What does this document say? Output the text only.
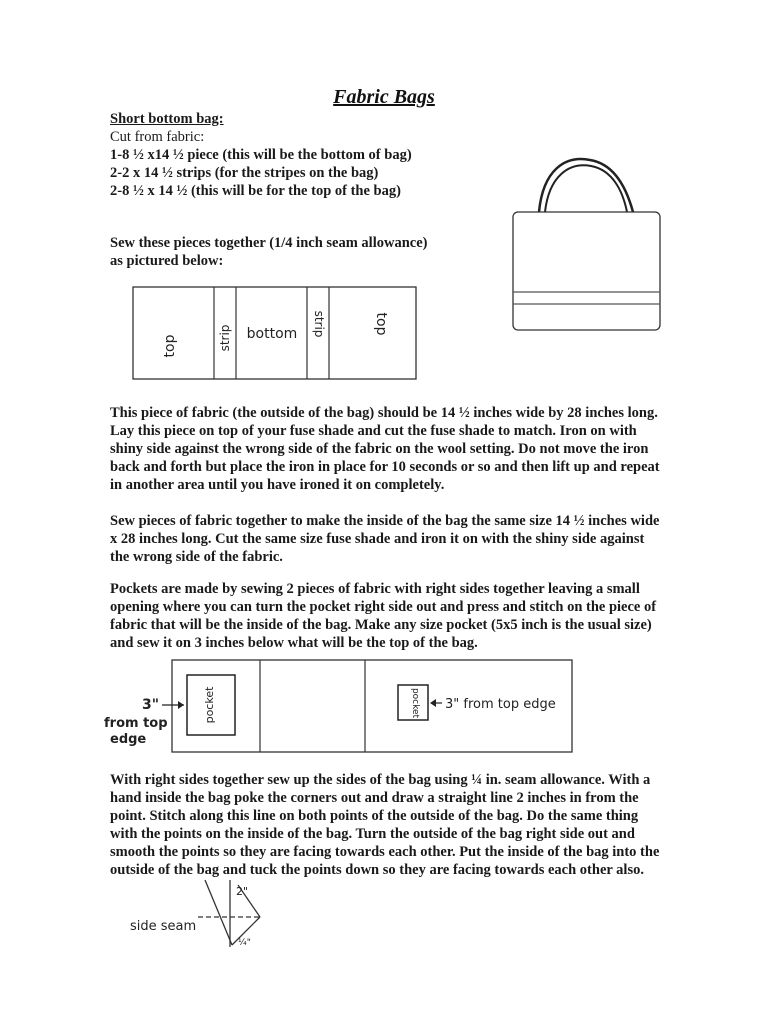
Fabric Bags
Short bottom bag:
Cut from fabric:
1-8 ½ x14 ½ piece (this will be the bottom of bag)
2-2 x 14 ½ strips (for the stripes on the bag)
2-8 ½ x 14 ½ (this will be for the top of the bag)
Sew these pieces together (1/4 inch seam allowance)
as pictured below:
top	strip bottom strip	top

This piece of fabric (the outside of the bag) should be 14 ½ inches wide by 28 inches long. Lay this piece on top of your fuse shade and cut the fuse shade to match. Iron on with shiny side against the wrong side of the fabric on the wool setting. Do not move the iron back and forth but place the iron in place for 10 seconds or so and then lift up and repeat in another area until you have ironed it on completely.

Sew pieces of fabric together to make the inside of the bag the same size 14 ½ inches wide x 28 inches long. Cut the same size fuse shade and iron it on with the shiny side against the wrong side of the fabric.

Pockets are made by sewing 2 pieces of fabric with right sides together leaving a small opening where you can turn the pocket right side out and press and stitch on the piece of fabric that will be the inside of the bag. Make any size pocket (5x5 inch is the usual size) and sew it on 3 inches below what will be the top of the bag.

pocket	pocket
3"
from top
edge
3" from top edge

With right sides together sew up the sides of the bag using ¼ in. seam allowance. With a hand inside the bag poke the corners out and draw a straight line 2 inches in from the point. Stitch along this line on both points of the outside of the bag. Do the same thing with the points on the inside of the bag. Turn the outside of the bag right side out and smooth the points so they are facing towards each other. Put the inside of the bag into the outside of the bag and tuck the points down so they are facing towards each other also.

side seam
2"
¼"
